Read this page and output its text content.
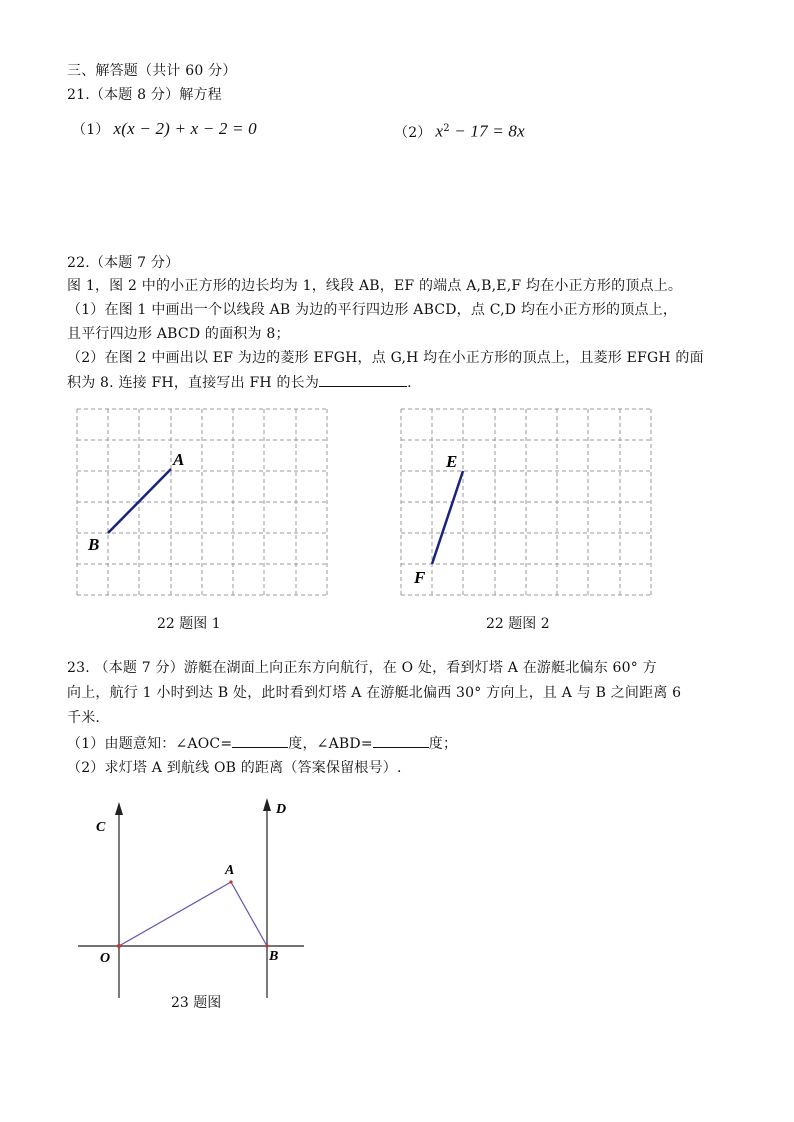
三、解答题（共计 60 分）
21.（本题 8 分）解方程
（1） x(x − 2) + x − 2 = 0	（2） $x^2 - 17 = 8x$
22.（本题 7 分）
图 1，图 2 中的小正方形的边长均为 1，线段 AB，EF 的端点 A,B,E,F 均在小正方形的顶点上。
（1）在图 1 中画出一个以线段 AB 为边的平行四边形 ABCD，点 C,D 均在小正方形的顶点上，
且平行四边形 ABCD 的面积为 8；
（2）在图 2 中画出以 EF 为边的菱形 EFGH，点 G,H 均在小正方形的顶点上，且菱形 EFGH 的面
积为 8. 连接 FH，直接写出 FH 的长为	.
A
B
22 题图 1
E
F
22 题图 2
23. （本题 7 分）游艇在湖面上向正东方向航行，在 O 处，看到灯塔 A 在游艇北偏东 60° 方
向上，航行 1 小时到达 B 处，此时看到灯塔 A 在游艇北偏西 30° 方向上，且 A 与 B 之间距离 6
千米.
（1）由题意知：∠AOC=	度，∠ABD=	度；
（2）求灯塔 A 到航线 OB 的距离（答案保留根号）.
C
D
A
O	B
23 题图
